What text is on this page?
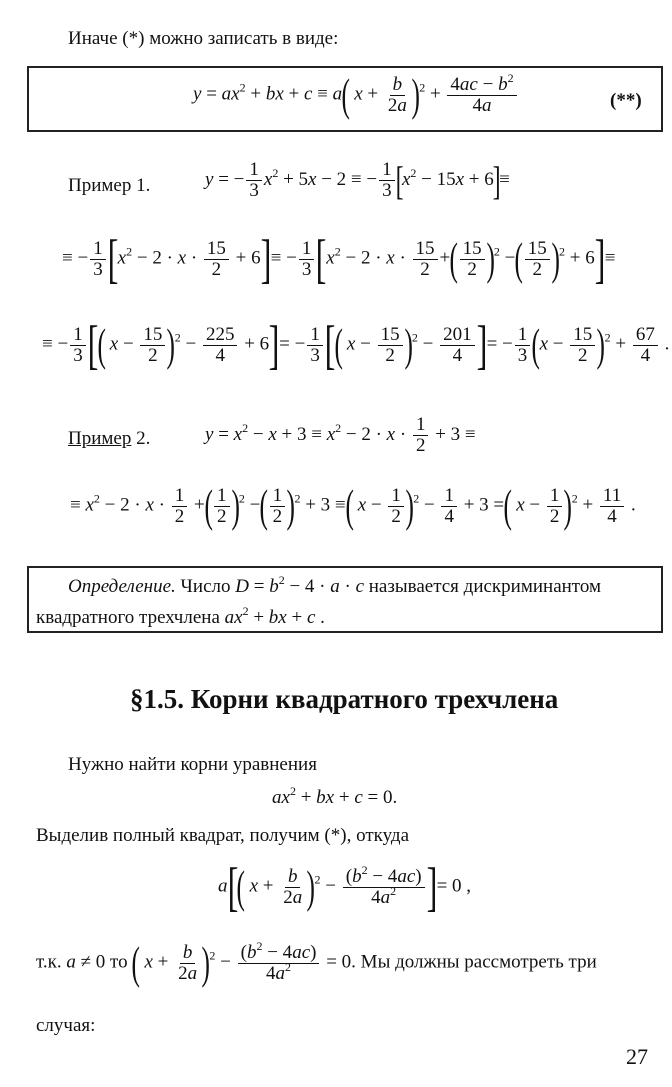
Иначе (*) можно записать в виде:
$y = ax^2$ + bx + c ≡ a( $x + \frac{b}{2a} )^2 + \frac{4ac - b^2}{4a}$	(**)
Пример 1.	y = − $\frac{1}{3} x^2 + 5x - 2$ ≡ − $\frac{1}{3} [x^2 - 15x + 6]\equiv$
≡ − $\frac{1}{3} [x^2 - 2 \cdot x \cdot \frac{15}{2} + 6]\equiv - \frac{1}{3} [x^2 - 2 \cdot x \cdot \frac{15}{2}$ +( $\frac{15}{2} )^2$ −( $\frac{15}{2} )^2 + 6]\equiv$
≡ − $\frac{1}{3}$ [( $x - \frac{15}{2} )^2 - \frac{225}{4} + 6]= - \frac{1}{3}$ [( $x - \frac{15}{2} )^2 - \frac{201}{4}$ ]= − $\frac{1}{3} (x - \frac{15}{2} )^2 + \frac{67}{4}$ .
Пример 2.	$y = x^2 - x + 3 \equiv x^2 - 2 \cdot x \cdot \frac{1}{2} + 3$ ≡
≡ $x^2 - 2 \cdot x \cdot \frac{1}{2}$ +( $\frac{1}{2} )^2$ −( $\frac{1}{2} )^2 + 3$ ≡( $x - \frac{1}{2} )^2 - \frac{1}{4} + 3$ =( $x - \frac{1}{2} )^2 + \frac{11}{4}$ .
Определение. Число $D = b^2 - 4 \cdot a \cdot c$ называется дискриминантом
квадратного трехчлена $ax^2$ + bx + c .
§1.5. Корни квадратного трехчлена
Нужно найти корни уравнения
$ax^2$ + bx + c = 0.
Выделив полный квадрат, получим (*), откуда
a[( $x + \frac{b}{2a} )^2 - \frac{(b^2 - 4ac)}{4a^2}$ ]= 0 ,
т.к. a ≠ 0 то ( $x + \frac{b}{2a} )^2 - \frac{(b^2 - 4ac)}{4a^2} = 0$. Мы должны рассмотреть три
случая:
27
